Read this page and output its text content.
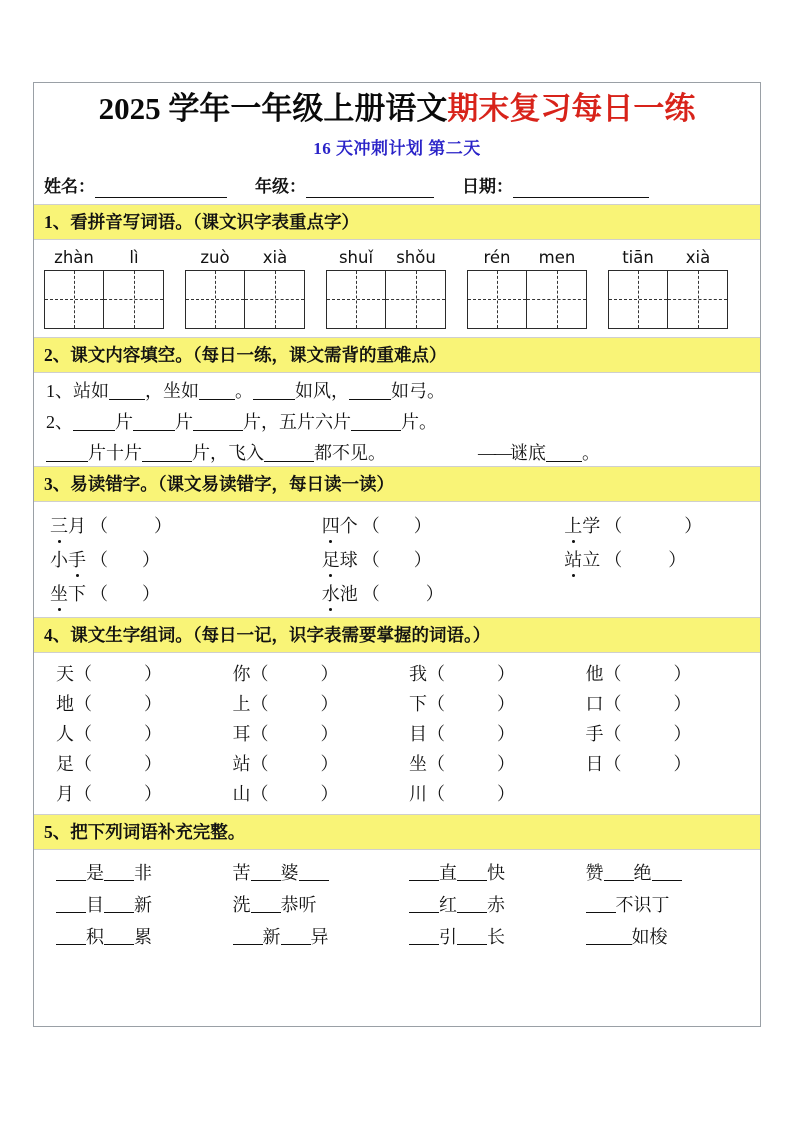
2025 学年一年级上册语文期末复习每日一练
16 天冲刺计划 第二天
姓名：	年级：	日期：
1、看拼音写词语。（课文识字表重点字）
zhàn	lì	zuò	xià	shuǐ	shǒu	rén	men	tiān	xià
2、课文内容填空。（每日一练，课文需背的重难点）
1、站如 ，坐如 。 如风， 如弓。
2、 片 片	片，五片六片	片。
片十片	片，飞入	都不见。	——谜底 。
3、易读错字。（课文易读错字，每日读一读）
三 月 （	）	四 个 （ ）	上 学 （	）
小 手 （ ）	足 球 （ ）	站 立 （	）
坐 下 （ ）	水 池 （	）
4、课文生字组词。（每日一记，识字表需要掌握的词语。）
天（	）	你（	）	我（	）	他（	）
地（	）	上（	）	下（	）	口（	）
人（	）	耳（	）	目（	）	手（	）
足（	）	站（	）	坐（	）	日（	）
月（	）	山（	）	川（	）
5、把下列词语补充完整。
是 非	苦 婆	直 快	赞 绝
目 新	洗 恭听	红 赤	不识丁
积 累	新 异	引 长	如梭
